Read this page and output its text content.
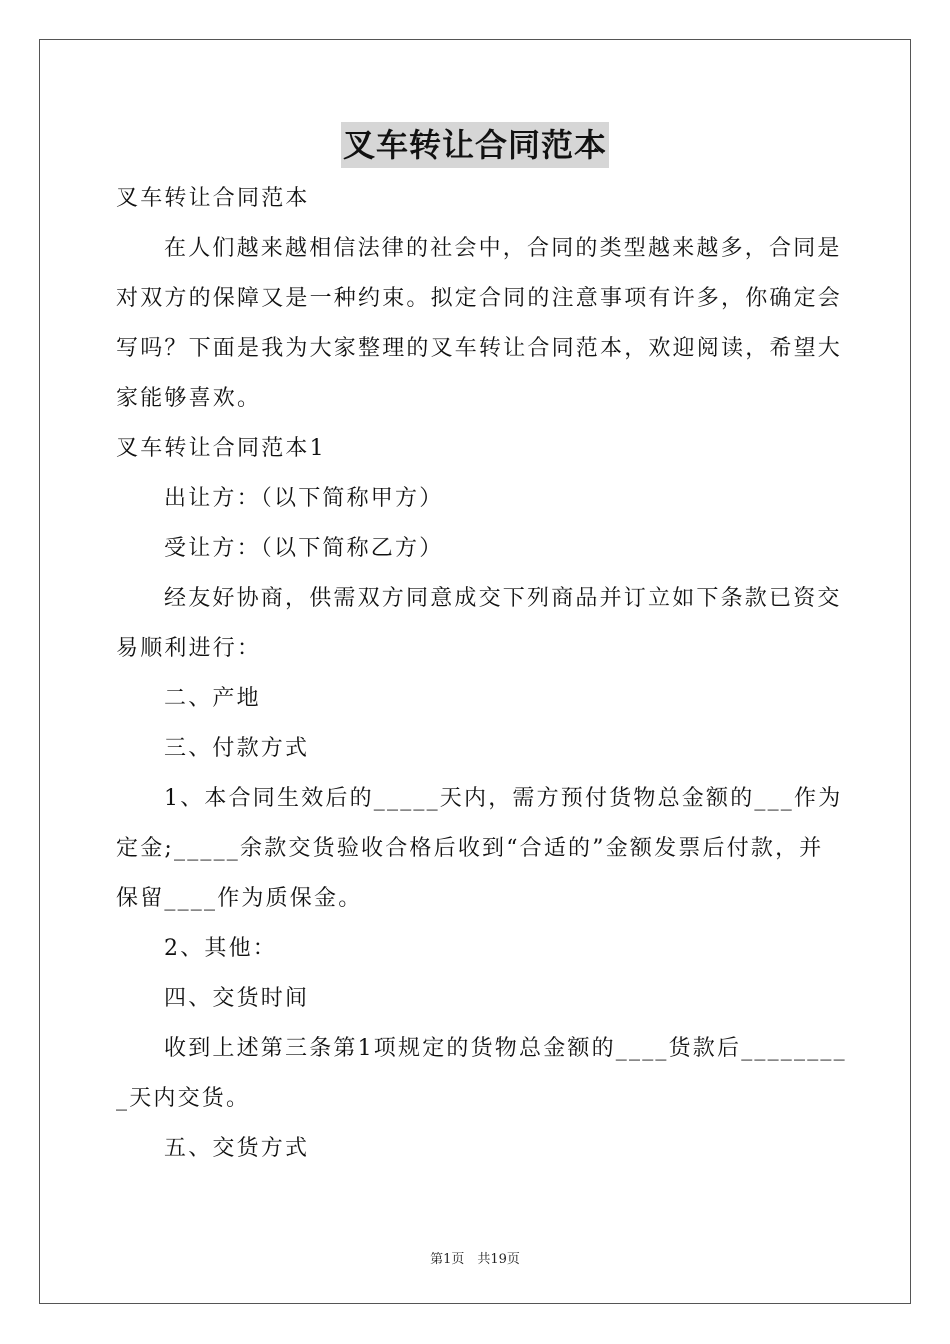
叉车转让合同范本
叉车转让合同范本
在人们越来越相信法律的社会中，合同的类型越来越多，合同是
对双方的保障又是一种约束。拟定合同的注意事项有许多，你确定会
写吗？下面是我为大家整理的叉车转让合同范本，欢迎阅读，希望大
家能够喜欢。
叉车转让合同范本1
出让方：（以下简称甲方）
受让方：（以下简称乙方）
经友好协商，供需双方同意成交下列商品并订立如下条款已资交
易顺利进行：
二、产地
三、付款方式
1、本合同生效后的_____天内，需方预付货物总金额的___作为
定金;_____余款交货验收合格后收到“合适的”金额发票后付款，并
保留____作为质保金。
2、其他：
四、交货时间
收到上述第三条第1项规定的货物总金额的____货款后________
_天内交货。
五、交货方式
第1页　共19页
